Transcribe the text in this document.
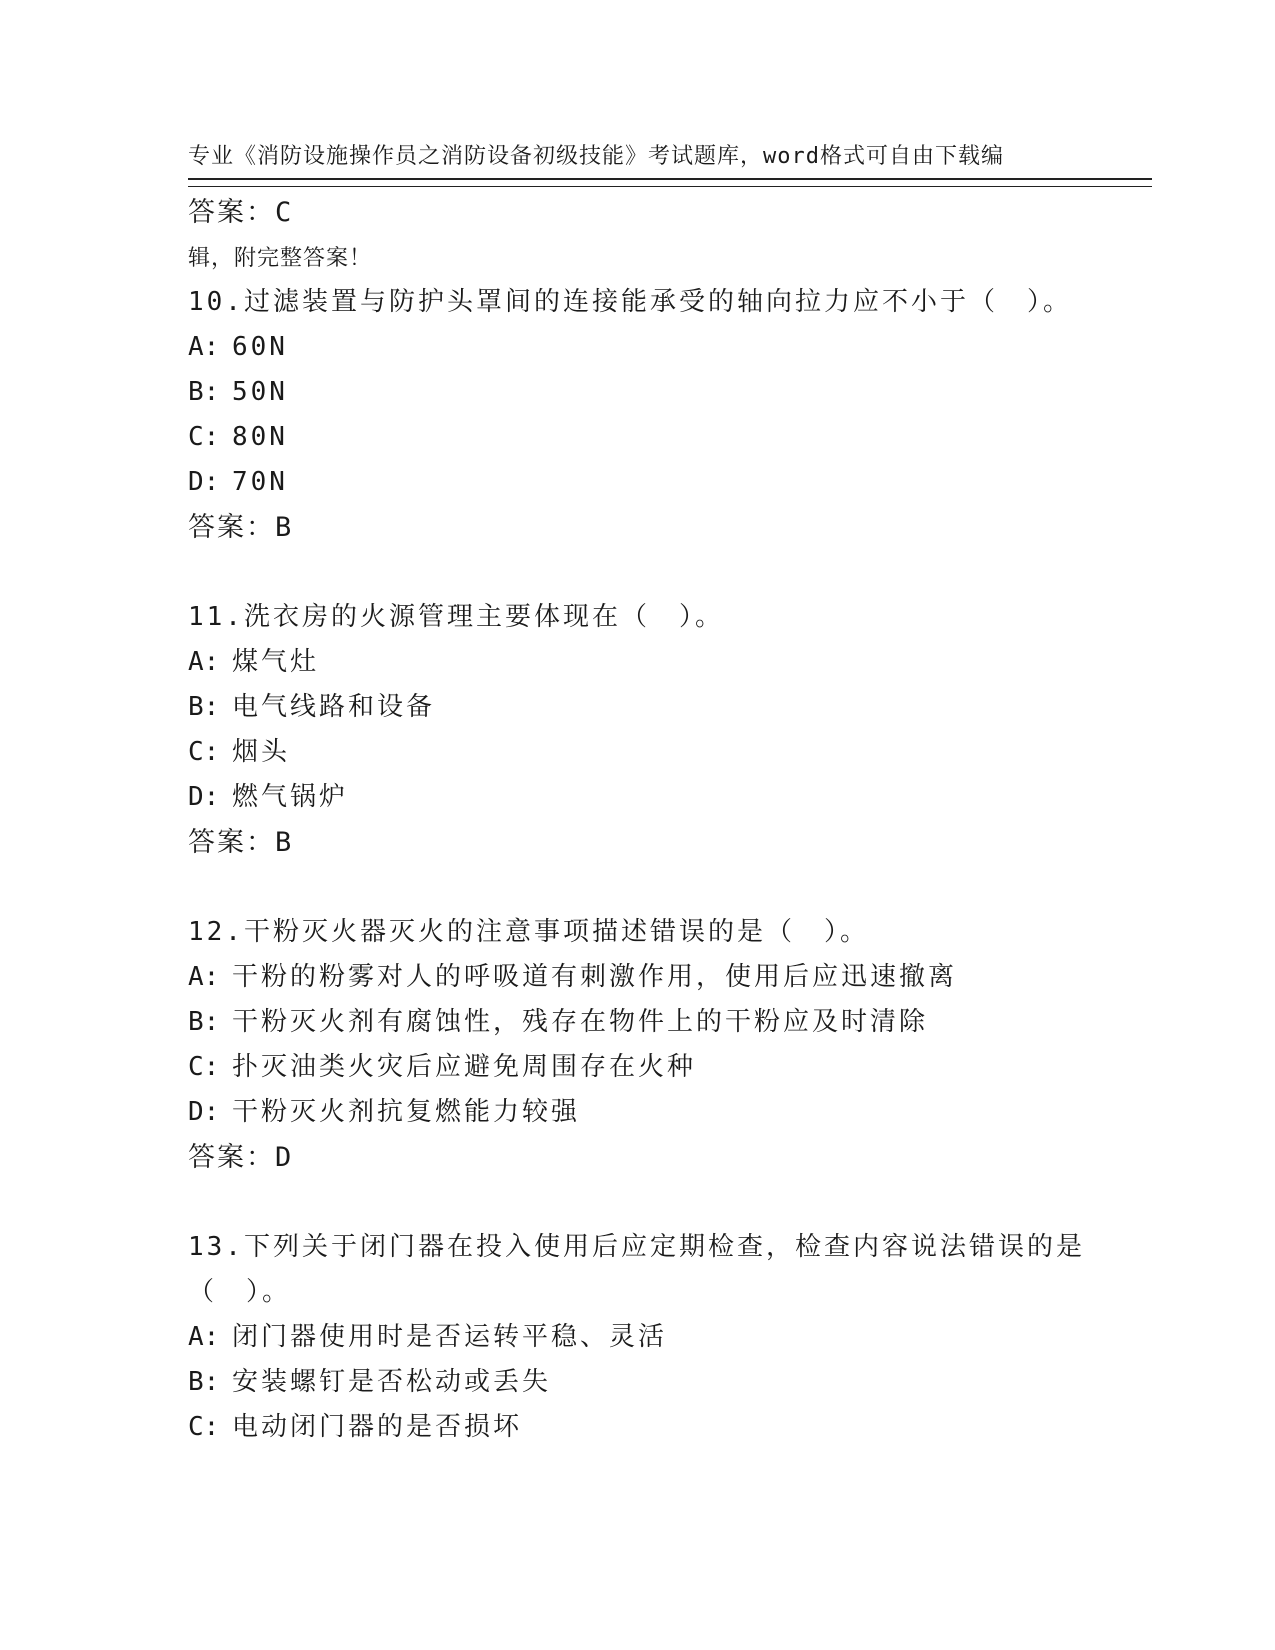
专业《消防设施操作员之消防设备初级技能》考试题库，word格式可自由下载编

辑，附完整答案！

答案：C
10.过滤装置与防护头罩间的连接能承受的轴向拉力应不小于（　）。
A: 60N
B: 50N
C: 80N
D: 70N
答案：B
11.洗衣房的火源管理主要体现在（　）。
A: 煤气灶
B: 电气线路和设备
C: 烟头
D: 燃气锅炉
答案：B
12.干粉灭火器灭火的注意事项描述错误的是（　）。
A: 干粉的粉雾对人的呼吸道有刺激作用，使用后应迅速撤离
B: 干粉灭火剂有腐蚀性，残存在物件上的干粉应及时清除
C: 扑灭油类火灾后应避免周围存在火种
D: 干粉灭火剂抗复燃能力较强
答案：D
13.下列关于闭门器在投入使用后应定期检查，检查内容说法错误的是
（　）。
A: 闭门器使用时是否运转平稳、灵活
B: 安装螺钉是否松动或丢失
C: 电动闭门器的是否损坏
